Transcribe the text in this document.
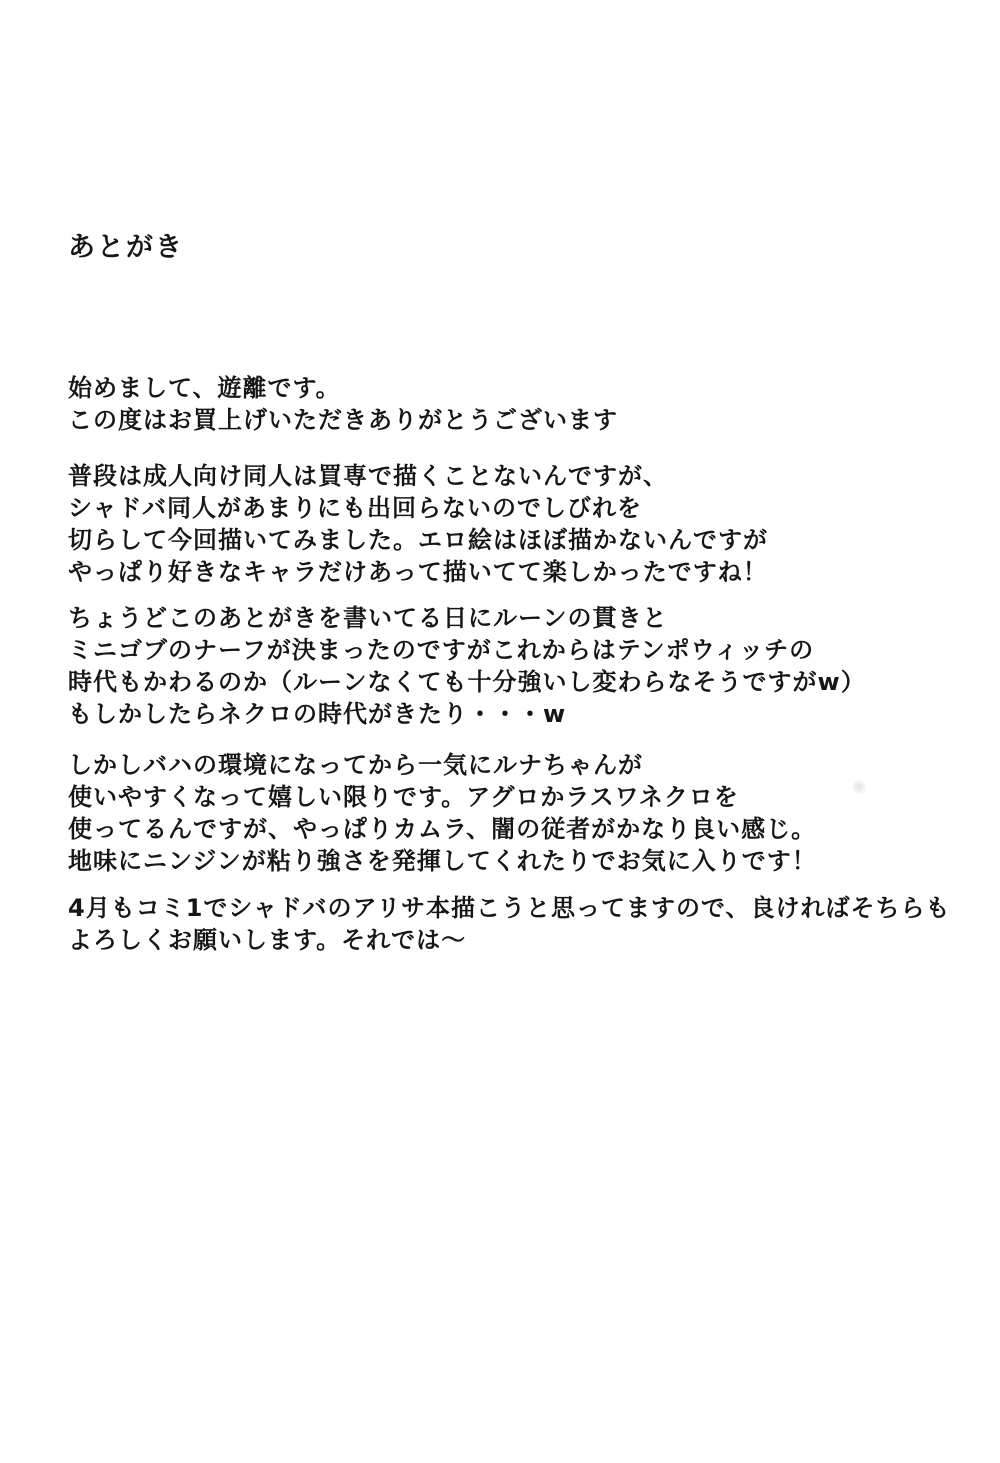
あとがき
始めまして、遊離です。
この度はお買上げいただきありがとうございます
普段は成人向け同人は買専で描くことないんですが、
シャドバ同人があまりにも出回らないのでしびれを
切らして今回描いてみました。エロ絵はほぼ描かないんですが
やっぱり好きなキャラだけあって描いてて楽しかったですね！
ちょうどこのあとがきを書いてる日にルーンの貫きと
ミニゴブのナーフが決まったのですがこれからはテンポウィッチの
時代もかわるのか（ルーンなくても十分強いし変わらなそうですがw）
もしかしたらネクロの時代がきたり・・・w
しかしバハの環境になってから一気にルナちゃんが
使いやすくなって嬉しい限りです。アグロかラスワネクロを
使ってるんですが、やっぱりカムラ、闇の従者がかなり良い感じ。
地味にニンジンが粘り強さを発揮してくれたりでお気に入りです！
4月もコミ1でシャドバのアリサ本描こうと思ってますので、良ければそちらも
よろしくお願いします。それでは～
